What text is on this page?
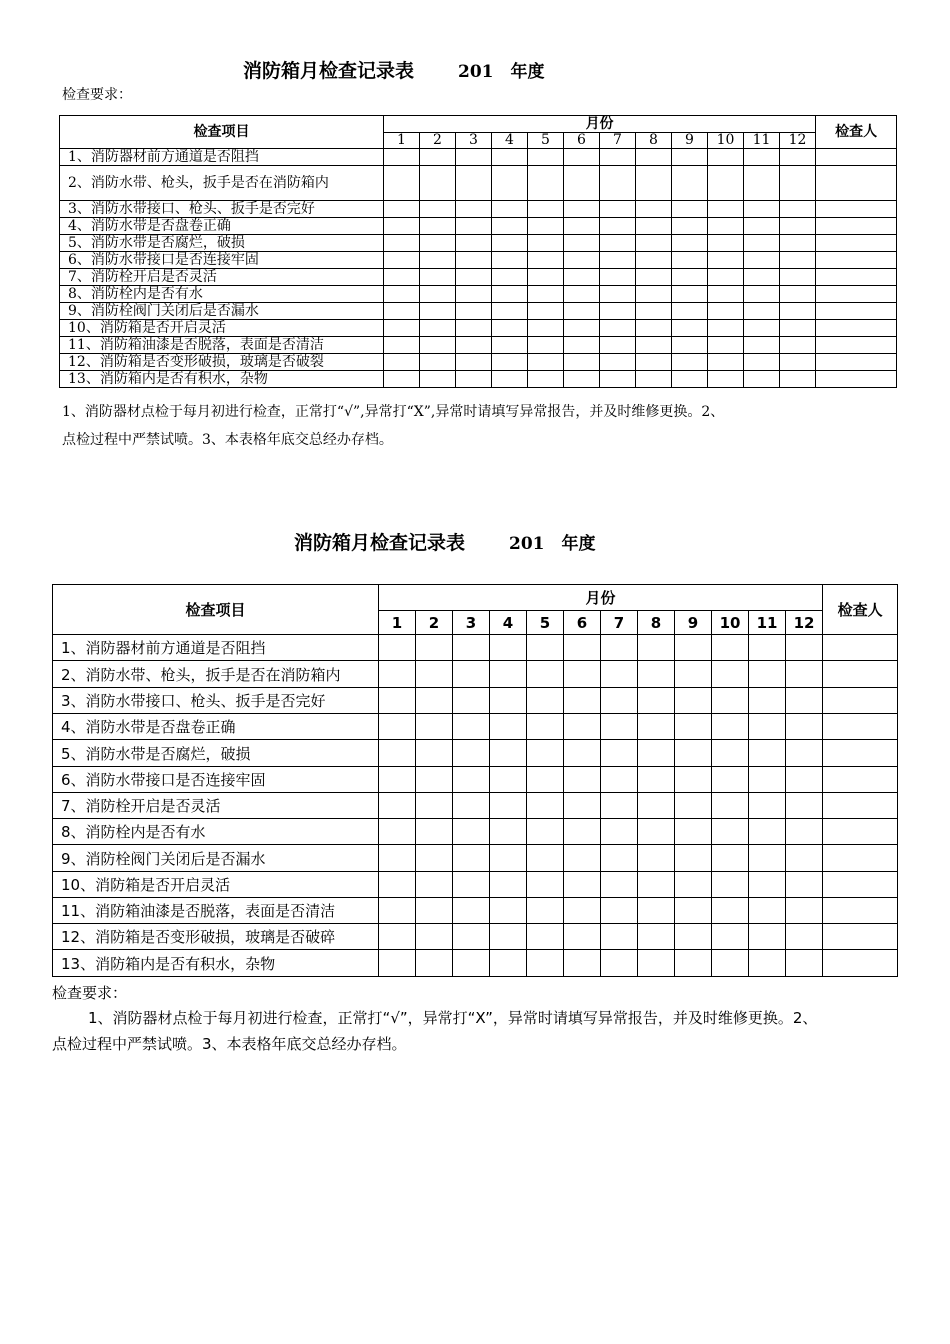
消防箱月检查记录表	201　年度
检查要求：
检查项目	月份												检查人
	1	2	3	4	5	6	7	8	9	10	11	12	
1、消防器材前方通道是否阻挡													
2、消防水带、枪头，扳手是否在消防箱内													
3、消防水带接口、枪头、扳手是否完好													
4、消防水带是否盘卷正确													
5、消防水带是否腐烂，破损													
6、消防水带接口是否连接牢固													
7、消防栓开启是否灵活													
8、消防栓内是否有水													
9、消防栓阀门关闭后是否漏水													
10、消防箱是否开启灵活													
11、消防箱油漆是否脱落，表面是否清洁													
12、消防箱是否变形破损，玻璃是否破裂													
13、消防箱内是否有积水，杂物													
1、消防器材点检于每月初进行检查，正常打“√”,异常打“X”,异常时请填写异常报告，并及时维修更换。2、
点检过程中严禁试喷。3、本表格年底交总经办存档。
消防箱月检查记录表	201　年度
检查项目	月份												检查人
	1	2	3	4	5	6	7	8	9	10	11	12	
1、消防器材前方通道是否阻挡													
2、消防水带、枪头，扳手是否在消防箱内													
3、消防水带接口、枪头、扳手是否完好													
4、消防水带是否盘卷正确													
5、消防水带是否腐烂，破损													
6、消防水带接口是否连接牢固													
7、消防栓开启是否灵活													
8、消防栓内是否有水													
9、消防栓阀门关闭后是否漏水													
10、消防箱是否开启灵活													
11、消防箱油漆是否脱落，表面是否清洁													
12、消防箱是否变形破损，玻璃是否破碎													
13、消防箱内是否有积水，杂物													
检查要求：
1、消防器材点检于每月初进行检查，正常打“√”，异常打“X”，异常时请填写异常报告，并及时维修更换。2、
点检过程中严禁试喷。3、本表格年底交总经办存档。
